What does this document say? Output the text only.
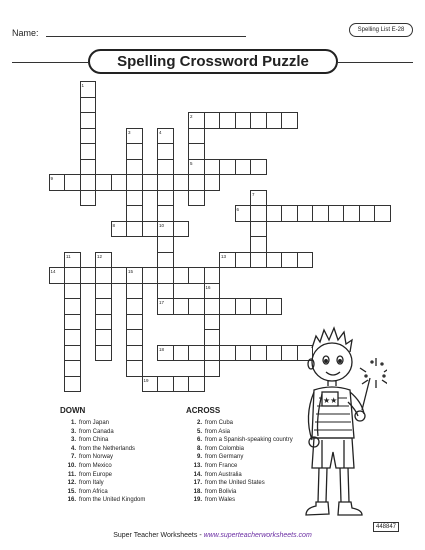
Name:	Spelling List E-28
Spelling Crossword Puzzle
1
2
3	4
5
9
6
7
8	10
17
13
11	12
14	15
16
18
19
DOWN
1. from Japan
3. from Canada
3. from China
4. from the Netherlands
7. from Norway
10. from Mexico
11. from Europe
12. from Italy
15. from Africa
16. from the United Kingdom
ACROSS
2. from Cuba
5. from Asia
6. from a Spanish-speaking country
8. from Colombia
9. from Germany
13. from France
14. from Australia
17. from the United States
18. from Bolivia
19. from Wales
★★
Super Teacher Worksheets - www.superteacherworksheets.com
448847
